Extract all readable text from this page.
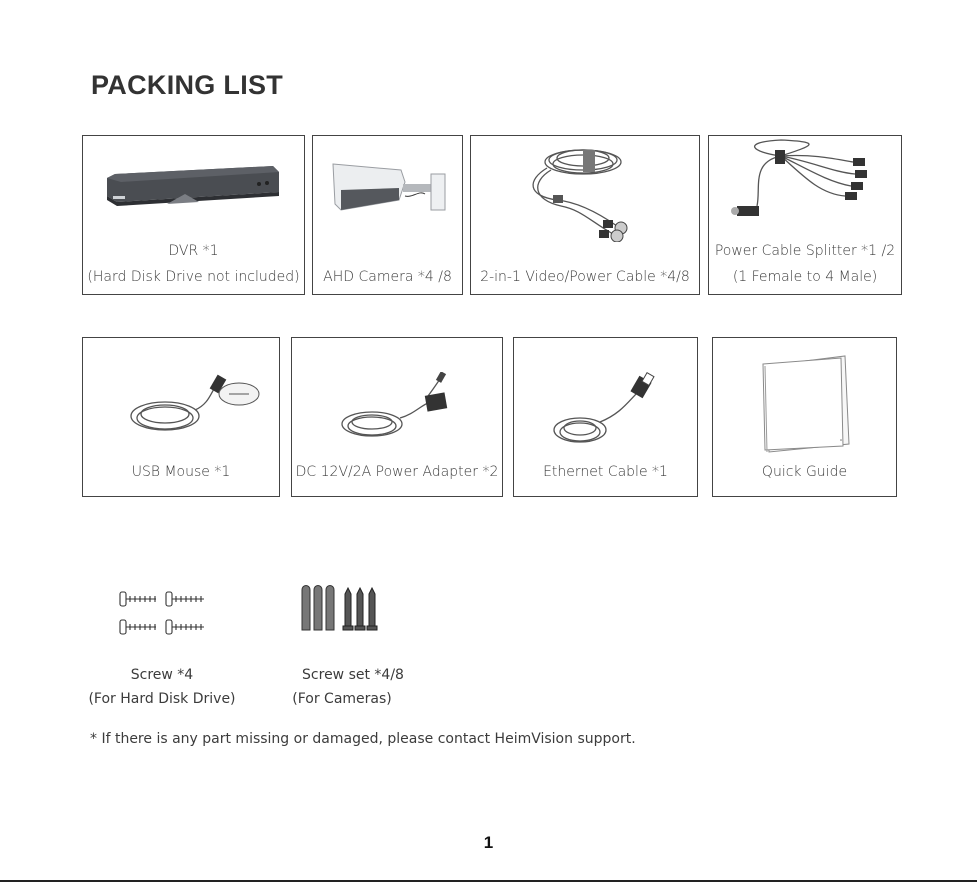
PACKING LIST
DVR *1
(Hard Disk Drive not included)	AHD Camera *4 /8	2-in-1 Video/Power Cable *4/8
Power Cable Splitter *1 /2
(1 Female to 4 Male)
USB Mouse *1	DC 12V/2A Power Adapter *2	Ethernet Cable *1	Quick Guide
Screw *4
(For Hard Disk Drive)
Screw set *4/8
(For Cameras)
* If there is any part missing or damaged, please contact HeimVision support.
1
